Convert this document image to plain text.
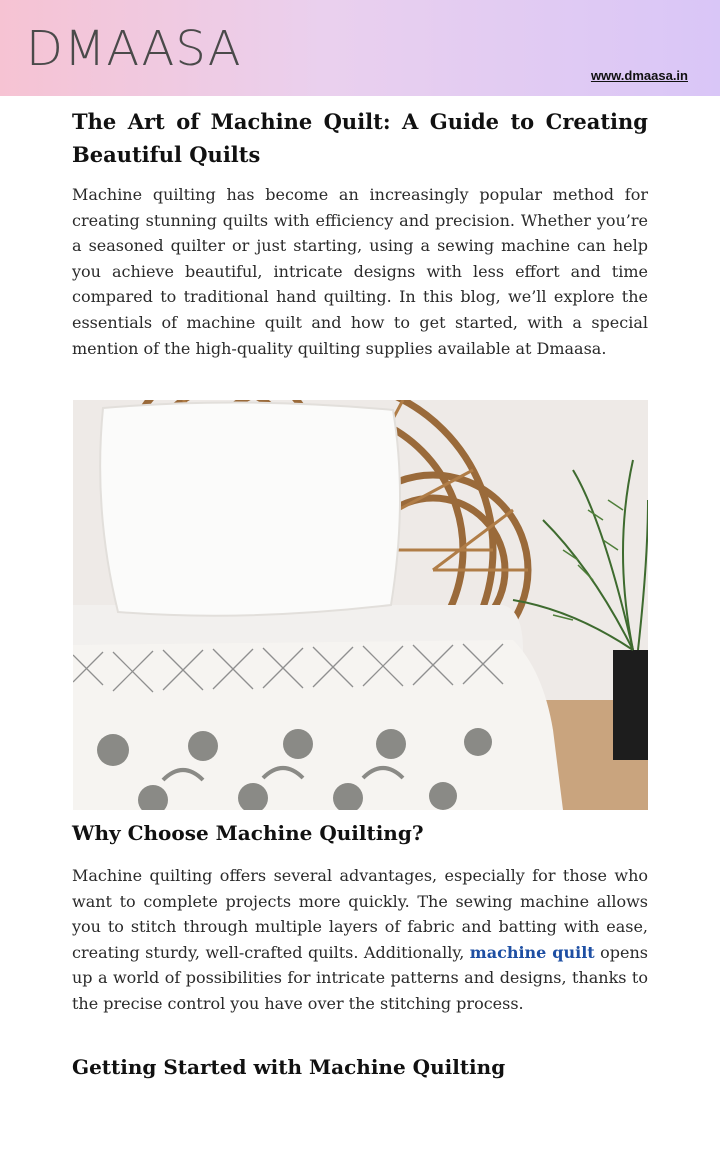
DMAASA	www.dmaasa.in
The Art of Machine Quilt: A Guide to Creating Beautiful Quilts

Machine quilting has become an increasingly popular method for creating stunning quilts with efficiency and precision. Whether you’re a seasoned quilter or just starting, using a sewing machine can help you achieve beautiful, intricate designs with less effort and time compared to traditional hand quilting. In this blog, we’ll explore the essentials of machine quilt and how to get started, with a special mention of the high-quality quilting supplies available at Dmaasa.

Why Choose Machine Quilting?

Machine quilting offers several advantages, especially for those who want to complete projects more quickly. The sewing machine allows you to stitch through multiple layers of fabric and batting with ease, creating sturdy, well-crafted quilts. Additionally, machine quilt opens up a world of possibilities for intricate patterns and designs, thanks to the precise control you have over the stitching process.

Getting Started with Machine Quilting
